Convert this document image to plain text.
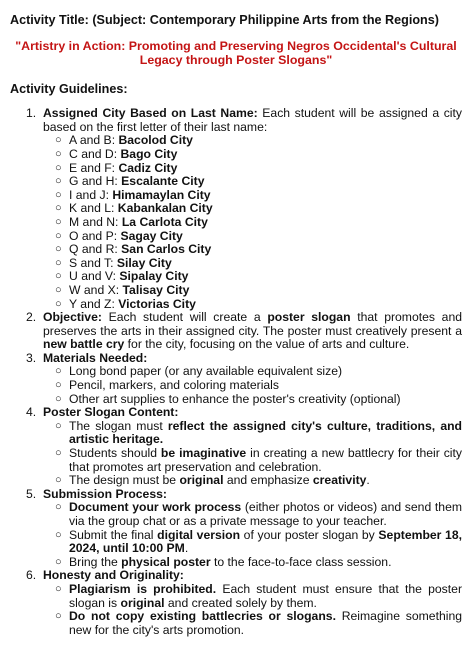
Activity Title: (Subject: Contemporary Philippine Arts from the Regions)
"Artistry in Action: Promoting and Preserving Negros Occidental's Cultural Legacy through Poster Slogans"
Activity Guidelines:
1. Assigned City Based on Last Name: Each student will be assigned a city based on the first letter of their last name:
○ A and B: Bacolod City
○ C and D: Bago City
○ E and F: Cadiz City
○ G and H: Escalante City
○ I and J: Himamaylan City
○ K and L: Kabankalan City
○ M and N: La Carlota City
○ O and P: Sagay City
○ Q and R: San Carlos City
○ S and T: Silay City
○ U and V: Sipalay City
○ W and X: Talisay City
○ Y and Z: Victorias City
2. Objective: Each student will create a poster slogan that promotes and preserves the arts in their assigned city. The poster must creatively present a new battle cry for the city, focusing on the value of arts and culture.
3. Materials Needed:
○ Long bond paper (or any available equivalent size)
○ Pencil, markers, and coloring materials
○ Other art supplies to enhance the poster's creativity (optional)
4. Poster Slogan Content:
○ The slogan must reflect the assigned city's culture, traditions, and artistic heritage.
○ Students should be imaginative in creating a new battlecry for their city that promotes art preservation and celebration.
○ The design must be original and emphasize creativity.
5. Submission Process:
○ Document your work process (either photos or videos) and send them via the group chat or as a private message to your teacher.
○ Submit the final digital version of your poster slogan by September 18, 2024, until 10:00 PM.
○ Bring the physical poster to the face-to-face class session.
6. Honesty and Originality:
○ Plagiarism is prohibited. Each student must ensure that the poster slogan is original and created solely by them.
○ Do not copy existing battlecries or slogans. Reimagine something new for the city's arts promotion.
